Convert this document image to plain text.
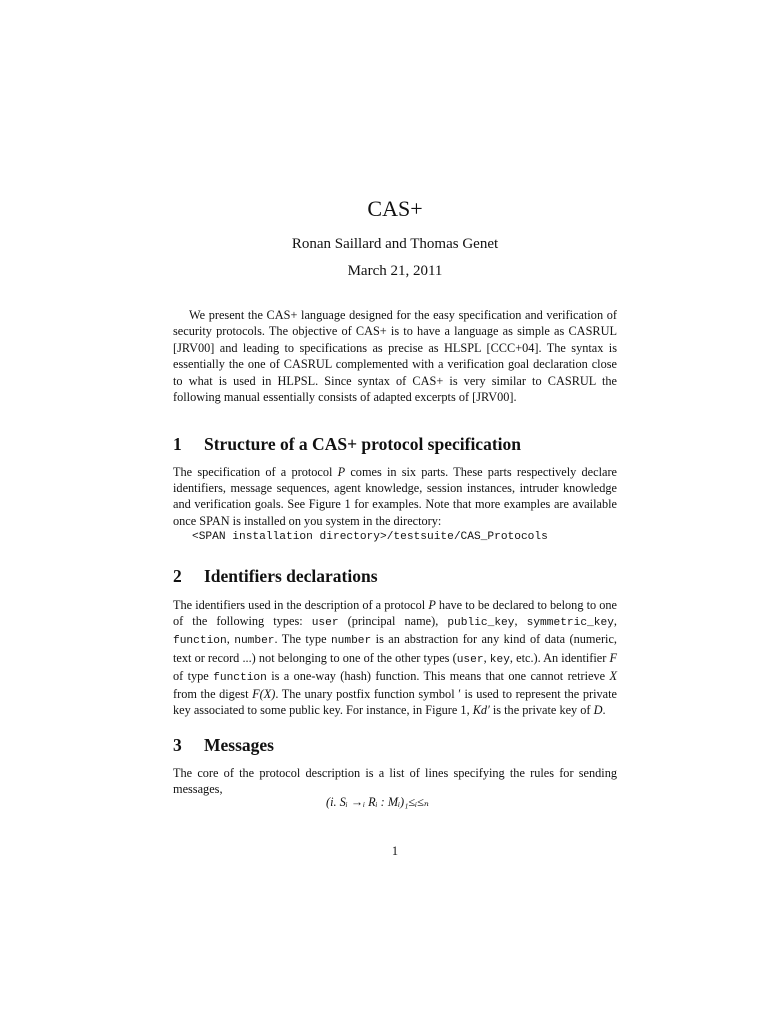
CAS+
Ronan Saillard and Thomas Genet
March 21, 2011
We present the CAS+ language designed for the easy specification and verification of security protocols. The objective of CAS+ is to have a language as simple as CASRUL [JRV00] and leading to specifications as precise as HLSPL [CCC+04]. The syntax is essentially the one of CASRUL complemented with a verification goal declaration close to what is used in HLPSL. Since syntax of CAS+ is very similar to CASRUL the following manual essentially consists of adapted excerpts of [JRV00].
1 Structure of a CAS+ protocol specification
The specification of a protocol P comes in six parts. These parts respectively declare identifiers, message sequences, agent knowledge, session instances, intruder knowledge and verification goals. See Figure 1 for examples. Note that more examples are available once SPAN is installed on you system in the directory:
<SPAN installation directory>/testsuite/CAS_Protocols
2 Identifiers declarations
The identifiers used in the description of a protocol P have to be declared to belong to one of the following types: user (principal name), public_key, symmetric_key, function, number. The type number is an abstraction for any kind of data (numeric, text or record ...) not belonging to one of the other types (user, key, etc.). An identifier F of type function is a one-way (hash) function. This means that one cannot retrieve X from the digest F(X). The unary postfix function symbol ′ is used to represent the private key associated to some public key. For instance, in Figure 1, Kd′ is the private key of D.
3 Messages
The core of the protocol description is a list of lines specifying the rules for sending messages,
(i. Sᵢ →ᵢ Rᵢ : Mᵢ)₁≤ᵢ≤ₙ
1
